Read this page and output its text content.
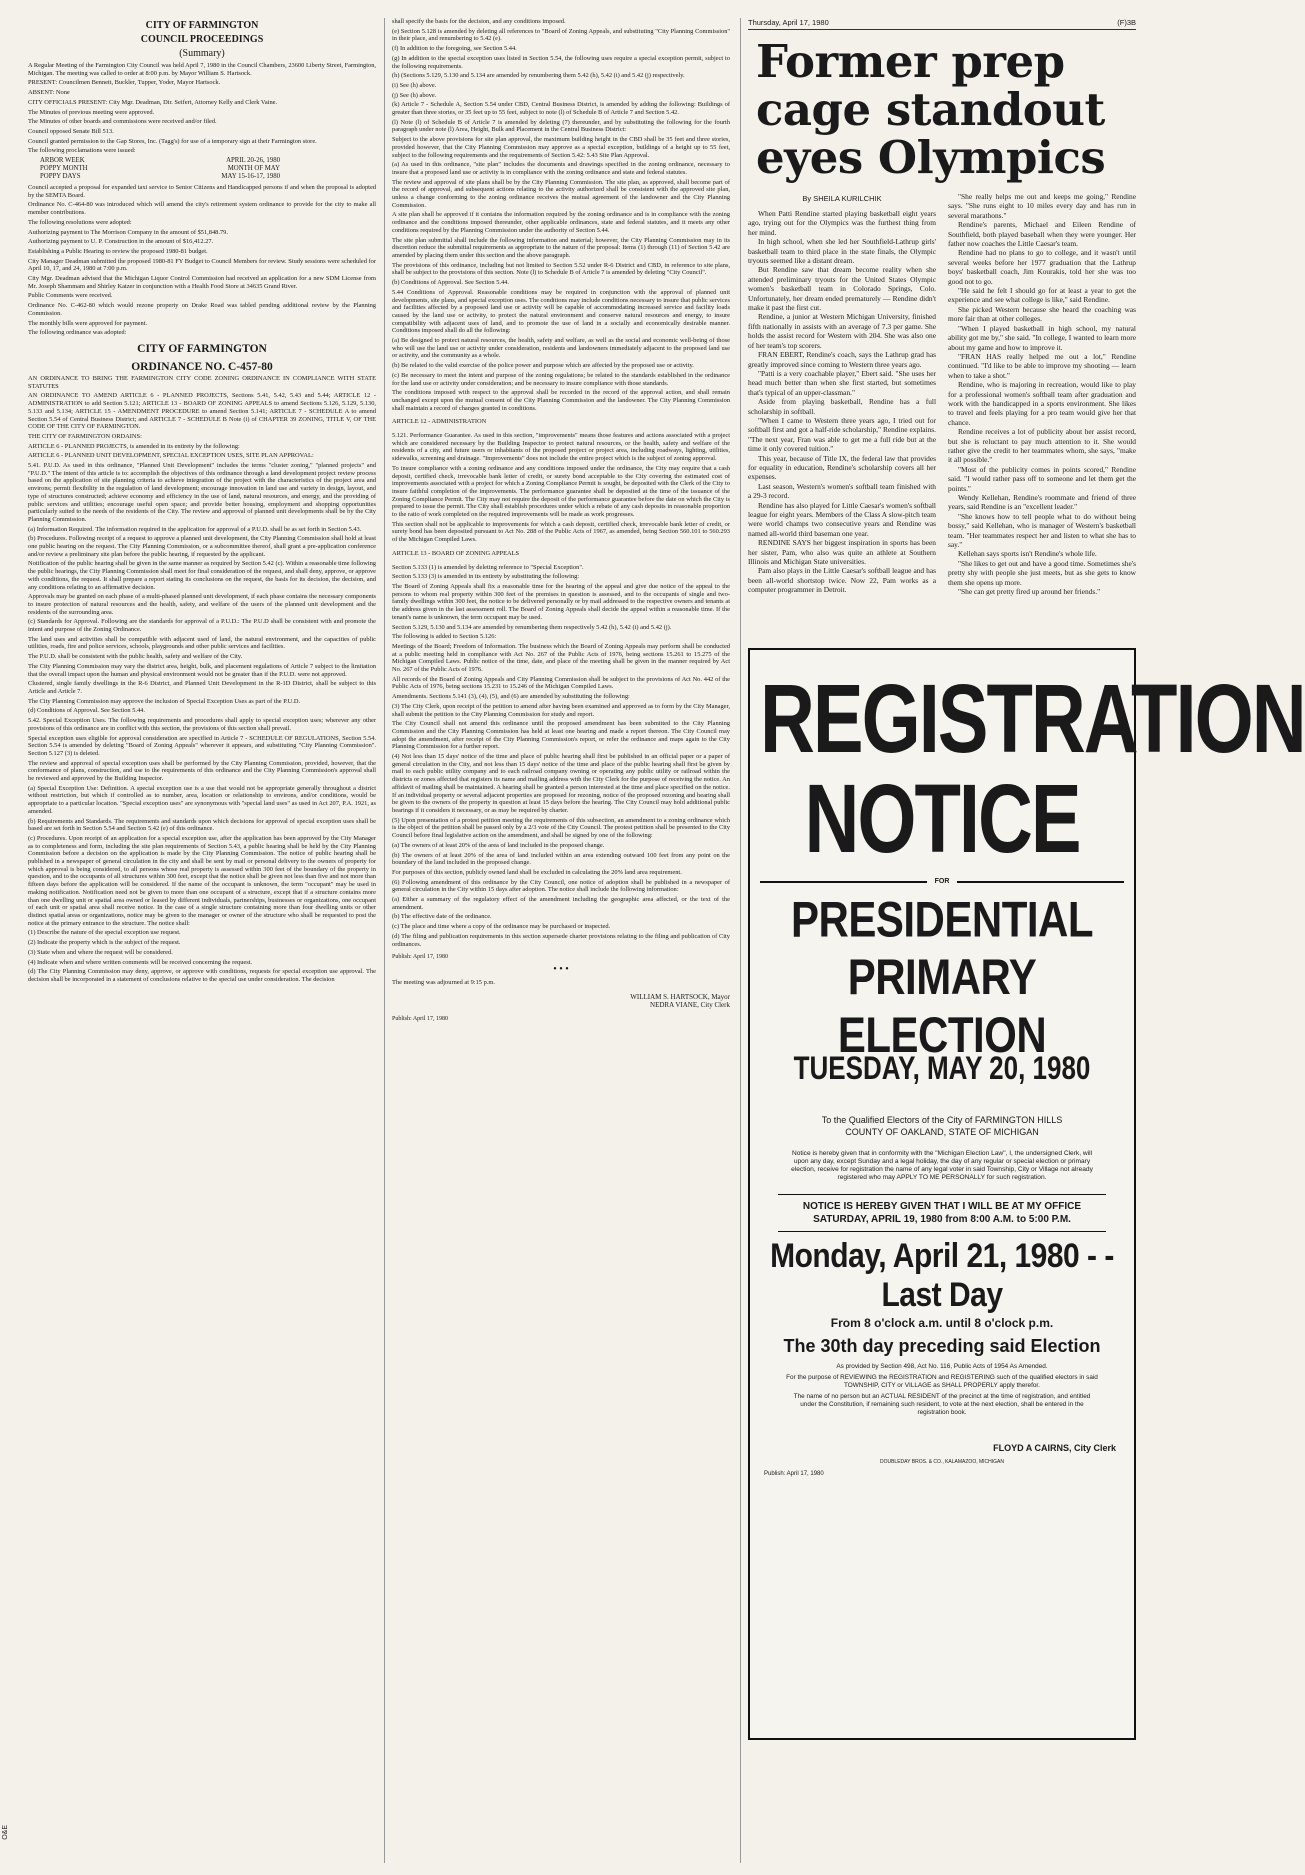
O&E
CITY OF FARMINGTON
COUNCIL PROCEEDINGS
(Summary)

A Regular Meeting of the Farmington City Council was held April 7, 1980 in the Council Chambers, 23600 Liberty Street, Farmington, Michigan. The meeting was called to order at 8:00 p.m. by Mayor William S. Hartsock.

PRESENT: Councilmen Bennett, Buckler, Tupper, Yoder, Mayor Hartsock.

ABSENT: None

CITY OFFICIALS PRESENT: City Mgr. Deadman, Dir. Seifert, Attorney Kelly and Clerk Vaine.

The Minutes of previous meeting were approved.

The Minutes of other boards and commissions were received and/or filed.

Council opposed Senate Bill 513.

Council granted permission to the Gap Stores, Inc. (Tagg's) for use of a temporary sign at their Farmington store.

The following proclamations were issued:

ARBOR WEEK	APRIL 20-26, 1980
POPPY MONTH	MONTH OF MAY
POPPY DAYS	MAY 15-16-17, 1980

Council accepted a proposal for expanded taxi service to Senior Citizens and Handicapped persons if and when the proposal is adopted by the SEMTA Board.

Ordinance No. C-464-80 was introduced which will amend the city's retirement system ordinance to provide for the city to make all member contributions.

The following resolutions were adopted:

Authorizing payment to The Morrison Company in the amount of $51,848.79.

Authorizing payment to U. P. Construction in the amount of $16,412.27.

Establishing a Public Hearing to review the proposed 1980-81 budget.

City Manager Deadman submitted the proposed 1980-81 FY Budget to Council Members for review. Study sessions were scheduled for April 10, 17, and 24, 1980 at 7:00 p.m.

City Mgr. Deadman advised that the Michigan Liquor Control Commission had received an application for a new SDM License from Mr. Joseph Shammam and Shirley Katzer in conjunction with a Health Food Store at 34635 Grand River.

Public Comments were received.

Ordinance No. C-462-80 which would rezone property on Drake Road was tabled pending additional review by the Planning Commission.

The monthly bills were approved for payment.

The following ordinance was adopted:

CITY OF FARMINGTON
ORDINANCE NO. C-457-80

AN ORDINANCE TO BRING THE FARMINGTON CITY CODE ZONING ORDINANCE IN COMPLIANCE WITH STATE STATUTES

AN ORDINANCE TO AMEND ARTICLE 6 - PLANNED PROJECTS, Sections 5.41, 5.42, 5.43 and 5.44; ARTICLE 12 - ADMINISTRATION to add Section 5.121; ARTICLE 13 - BOARD OF ZONING APPEALS to amend Sections 5.126, 5.129, 5.130, 5.133 and 5.134; ARTICLE 15 - AMENDMENT PROCEDURE to amend Section 5.141; ARTICLE 7 - SCHEDULE A to amend Section 5.54 of Central Business District; and ARTICLE 7 - SCHEDULE B Note (i) of CHAPTER 39 ZONING, TITLE V, OF THE CODE OF THE CITY OF FARMINGTON.

THE CITY OF FARMINGTON ORDAINS:

ARTICLE 6 - PLANNED PROJECTS, is amended in its entirety by the following:

ARTICLE 6 - PLANNED UNIT DEVELOPMENT, SPECIAL EXCEPTION USES, SITE PLAN APPROVAL:

5.41. P.U.D. As used in this ordinance, "Planned Unit Development" includes the terms "cluster zoning," "planned projects" and "P.U.D." The intent of this article is to: accomplish the objectives of this ordinance through a land development project review process based on the application of site planning criteria to achieve integration of the project with the characteristics of the project area and environs; permit flexibility in the regulation of land development; encourage innovation in land use and variety in design, layout, and type of structures constructed; achieve economy and efficiency in the use of land, natural resources, and energy, and the providing of public services and utilities; encourage useful open space; and provide better housing, employment and shopping opportunities particularly suited to the needs of the residents of the City. The review and approval of planned unit developments shall be by the City Planning Commission.

(a) Information Required. The information required in the application for approval of a P.U.D. shall be as set forth in Section 5.43.

(b) Procedures. Following receipt of a request to approve a planned unit development, the City Planning Commission shall hold at least one public hearing on the request. The City Planning Commission, or a subcommittee thereof, shall grant a pre-application conference and/or review a preliminary site plan before the public hearing, if requested by the applicant.

Notification of the public hearing shall be given in the same manner as required by Section 5.42 (c). Within a reasonable time following the public hearings, the City Planning Commission shall meet for final consideration of the request, and shall deny, approve, or approve with conditions, the request. It shall prepare a report stating its conclusions on the request, the basis for its decision, the decision, and any conditions relating to an affirmative decision.

Approvals may be granted on each phase of a multi-phased planned unit development, if each phase contains the necessary components to insure protection of natural resources and the health, safety, and welfare of the users of the planned unit development and the residents of the surrounding area.

(c) Standards for Approval. Following are the standards for approval of a P.U.D.: The P.U.D shall be consistent with and promote the intent and purpose of the Zoning Ordinance.

The land uses and activities shall be compatible with adjacent used of land, the natural environment, and the capacities of public utilities, roads, fire and police services, schools, playgrounds and other public services and facilities.

The P.U.D. shall be consistent with the public health, safety and welfare of the City.

The City Planning Commission may vary the district area, height, bulk, and placement regulations of Article 7 subject to the limitation that the overall impact upon the human and physical environment would not be greater than if the P.U.D. were not approved.

Clustered, single family dwellings in the R-6 District, and Planned Unit Development in the R-1D District, shall be subject to this Article and Article 7.

The City Planning Commission may approve the inclusion of Special Exception Uses as part of the P.U.D.

(d) Conditions of Approval. See Section 5.44.

5.42. Special Exception Uses. The following requirements and procedures shall apply to special exception uses; wherever any other provisions of this ordinance are in conflict with this section, the provisions of this section shall prevail.

Special exception uses eligible for approval consideration are specified in Article 7 - SCHEDULE OF REGULATIONS, Section 5.54. Section 5.54 is amended by deleting "Board of Zoning Appeals" wherever it appears, and substituting "City Planning Commission". Section 5.127 (3) is deleted.

The review and approval of special exception uses shall be performed by the City Planning Commission, provided, however, that the conformance of plans, construction, and use to the requirements of this ordinance and the City Planning Commission's approval shall be reviewed and approved by the Building Inspector.

(a) Special Exception Use: Definition. A special exception use is a use that would not be appropriate generally throughout a district without restriction, but which if controlled as to number, area, location or relationship to environs, and/or conditions, would be appropriate to a particular location. "Special exception uses" are synonymous with "special land uses" as used in Act 207, P.A. 1921, as amended.

(b) Requirements and Standards. The requirements and standards upon which decisions for approval of special exception uses shall be based are set forth in Section 5.54 and Section 5.42 (e) of this ordinance.

(c) Procedures. Upon receipt of an application for a special exception use, after the application has been approved by the City Manager as to completeness and form, including the site plan requirements of Section 5.43, a public hearing shall be held by the City Planning Commission before a decision on the application is made by the City Planning Commission. The notice of public hearing shall be published in a newspaper of general circulation in the city and shall be sent by mail or personal delivery to the owners of property for which approval is being considered, to all persons whose real property is assessed within 300 feet of the boundary of the property in question, and to the occupants of all structures within 300 feet, except that the notice shall be given not less than five and not more than fifteen days before the application will be considered. If the name of the occupant is unknown, the term "occupant" may be used in making notification. Notification need not be given to more than one occupant of a structure, except that if a structure contains more than one dwelling unit or spatial area owned or leased by different individuals, partnerships, businesses or organizations, one occupant of each unit or spatial area shall receive notice. In the case of a single structure containing more than four dwelling units or other distinct spatial areas or organizations, notice may be given to the manager or owner of the structure who shall be requested to post the notice at the primary entrance to the structure. The notice shall:

(1) Describe the nature of the special exception use request.

(2) Indicate the property which is the subject of the request.

(3) State when and where the request will be considered.

(4) Indicate when and where written comments will be received concerning the request.

(d) The City Planning Commission may deny, approve, or approve with conditions, requests for special exception use approval. The decision shall be incorporated in a statement of conclusions relative to the special use under consideration. The decision

shall specify the basis for the decision, and any conditions imposed.

(e) Section 5.128 is amended by deleting all references to "Board of Zoning Appeals, and substituting "City Planning Commission" in their place, and renumbering to 5.42 (e).

(f) In addition to the foregoing, see Section 5.44.

(g) In addition to the special exception uses listed in Section 5.54, the following uses require a special exception permit, subject to the following requirements.

(h) (Sections 5.129, 5.130 and 5.134 are amended by renumbering them 5.42 (h), 5.42 (i) and 5.42 (j) respectively.

(i) See (h) above.

(j) See (h) above.

(k) Article 7 - Schedule A, Section 5.54 under CBD, Central Business District, is amended by adding the following: Buildings of greater than three stories, or 35 feet up to 55 feet, subject to note (l) of Schedule B of Article 7 and Section 5.42.

(l) Note (l) of Schedule B of Article 7 is amended by deleting (7) thereunder, and by substituting the following for the fourth paragraph under note (l) Area, Height, Bulk and Placement in the Central Business District:

Subject to the above provisions for site plan approval, the maximum building height in the CBD shall be 35 feet and three stories, provided however, that the City Planning Commission may approve as a special exception, buildings of a height up to 55 feet, subject to the following requirements and the requirements of Section 5.42: 5.43 Site Plan Approval.

(a) As used in this ordinance, "site plan" includes the documents and drawings specified in the zoning ordinance, necessary to insure that a proposed land use or activity is in compliance with the zoning ordinance and state and federal statutes.

The review and approval of site plans shall be by the City Planning Commission. The site plan, as approved, shall become part of the record of approval, and subsequent actions relating to the activity authorized shall be consistent with the approved site plan, unless a change conforming to the zoning ordinance receives the mutual agreement of the landowner and the City Planning Commission.

A site plan shall be approved if it contains the information required by the zoning ordinance and is in compliance with the zoning ordinance and the conditions imposed thereunder, other applicable ordinances, state and federal statutes, and it meets any other conditions required by the Planning Commission under the authority of Section 5.44.

The site plan submittal shall include the following information and material; however, the City Planning Commission may in its discretion reduce the submittal requirements as appropriate to the nature of the proposal: Items (1) through (11) of Section 5.42 are amended by placing them under this section and the above paragraph.

The provisions of this ordinance, including but not limited to Section 5.52 under R-6 District and CBD, in reference to site plans, shall be subject to the provisions of this section. Note (l) to Schedule B of Article 7 is amended by deleting "City Council".

(b) Conditions of Approval. See Section 5.44.

5.44 Conditions of Approval. Reasonable conditions may be required in conjunction with the approval of planned unit developments, site plans, and special exception uses. The conditions may include conditions necessary to insure that public services and facilities affected by a proposed land use or activity will be capable of accommodating increased service and facility loads caused by the land use or activity, to protect the natural environment and conserve natural resources and energy, to insure compatibility with adjacent uses of land, and to promote the use of land in a socially and economically desirable manner. Conditions imposed shall do all the following:

(a) Be designed to protect natural resources, the health, safety and welfare, as well as the social and economic well-being of those who will use the land use or activity under consideration, residents and landowners immediately adjacent to the proposed land use or activity, and the community as a whole.

(b) Be related to the valid exercise of the police power and purpose which are affected by the proposed use or activity.

(c) Be necessary to meet the intent and purpose of the zoning regulations; be related to the standards established in the ordinance for the land use or activity under consideration; and be necessary to insure compliance with those standards.

The conditions imposed with respect to the approval shall be recorded in the record of the approval action, and shall remain unchanged except upon the mutual consent of the City Planning Commission and the landowner. The City Planning Commission shall maintain a record of changes granted in conditions.

ARTICLE 12 - ADMINISTRATION

5.121. Performance Guarantee. As used in this section, "improvements" means those features and actions associated with a project which are considered necessary by the Building Inspector to protect natural resources, or the health, safety and welfare of the residents of a city, and future users or inhabitants of the proposed project or project area, including roadways, lighting, utilities, sidewalks, screening and drainage. "Improvements" does not include the entire project which is the subject of zoning approval.

To insure compliance with a zoning ordinance and any conditions imposed under the ordinance, the City may require that a cash deposit, certified check, irrevocable bank letter of credit, or surety bond acceptable to the City covering the estimated cost of improvements associated with a project for which a Zoning Compliance Permit is sought, be deposited with the Clerk of the City to insure faithful completion of the improvements. The performance guarantee shall be deposited at the time of the issuance of the Zoning Compliance Permit. The City may not require the deposit of the performance guarantee before the date on which the City is prepared to issue the permit. The City shall establish procedures under which a rebate of any cash deposits in reasonable proportion to the ratio of work completed on the required improvements will be made as work progresses.

This section shall not be applicable to improvements for which a cash deposit, certified check, irrevocable bank letter of credit, or surety bond has been deposited pursuant to Act No. 288 of the Public Acts of 1967, as amended, being Section 560.101 to 560.293 of the Michigan Compiled Laws.

ARTICLE 13 - BOARD OF ZONING APPEALS

Section 5.133 (1) is amended by deleting reference to "Special Exception".

Section 5.133 (3) is amended in its entirety by substituting the following:

The Board of Zoning Appeals shall fix a reasonable time for the hearing of the appeal and give due notice of the appeal to the persons to whom real property within 300 feet of the premises in question is assessed, and to the occupants of single and two-family dwellings within 300 feet, the notice to be delivered personally or by mail addressed to the respective owners and tenants at the address given in the last assessment roll. The Board of Zoning Appeals shall decide the appeal within a reasonable time. If the tenant's name is unknown, the term occupant may be used.

Section 5.129, 5.130 and 5.134 are amended by renumbering them respectively 5.42 (h), 5.42 (i) and 5.42 (j).

The following is added to Section 5.126:

Meetings of the Board; Freedom of Information. The business which the Board of Zoning Appeals may perform shall be conducted at a public meeting held in compliance with Act No. 267 of the Public Acts of 1976, being sections 15.261 to 15.275 of the Michigan Compiled Laws. Public notice of the time, date, and place of the meeting shall be given in the manner required by Act No. 267 of the Public Acts of 1976.

All records of the Board of Zoning Appeals and City Planning Commission shall be subject to the provisions of Act No. 442 of the Public Acts of 1976, being sections 15.231 to 15.246 of the Michigan Compiled Laws.

Amendments. Sections 5.141 (3), (4), (5), and (6) are amended by substituting the following:

(3) The City Clerk, upon receipt of the petition to amend after having been examined and approved as to form by the City Manager, shall submit the petition to the City Planning Commission for study and report.

The City Council shall not amend this ordinance until the proposed amendment has been submitted to the City Planning Commission and the City Planning Commission has held at least one hearing and made a report thereon. The City Council may adopt the amendment, after receipt of the City Planning Commission's report, or refer the ordinance and maps again to the City Planning Commission for a further report.

(4) Not less than 15 days' notice of the time and place of public hearing shall first be published in an official paper or a paper of general circulation in the City, and not less than 15 days' notice of the time and place of the public hearing shall first be given by mail to each public utility company and to each railroad company owning or operating any public utility or railroad within the districts or zones affected that registers its name and mailing address with the City Clerk for the purpose of receiving the notice. An affidavit of mailing shall be maintained. A hearing shall be granted a person interested at the time and place specified on the notice. If an individual property or several adjacent properties are proposed for rezoning, notice of the proposed rezoning and hearing shall be given to the owners of the property in question at least 15 days before the hearing. The City Council may hold additional public hearings if it considers it necessary, or as may be required by charter.

(5) Upon presentation of a protest petition meeting the requirements of this subsection, an amendment to a zoning ordinance which is the object of the petition shall be passed only by a 2/3 vote of the City Council. The protest petition shall be presented to the City Council before final legislative action on the amendment, and shall be signed by one of the following:

(a) The owners of at least 20% of the area of land included in the proposed change.

(b) The owners of at least 20% of the area of land included within an area extending outward 100 feet from any point on the boundary of the land included in the proposed change.

For purposes of this section, publicly owned land shall be excluded in calculating the 20% land area requirement.

(6) Following amendment of this ordinance by the City Council, one notice of adoption shall be published in a newspaper of general circulation in the City within 15 days after adoption. The notice shall include the following information:

(a) Either a summary of the regulatory effect of the amendment including the geographic area affected, or the text of the amendment.

(b) The effective date of the ordinance.

(c) The place and time where a copy of the ordinance may be purchased or inspected.

(d) The filing and publication requirements in this section supersede charter provisions relating to the filing and publication of City ordinances.

Publish: April 17, 1980
• • •

The meeting was adjourned at 9:15 p.m.

WILLIAM S. HARTSOCK, Mayor
NEDRA VIANE, City Clerk
Publish: April 17, 1980
Thursday, April 17, 1980	(F)3B
Former prep cage standout eyes Olympics
By SHEILA KURILCHIK

When Patti Rendine started playing basketball eight years ago, trying out for the Olympics was the furthest thing from her mind.

In high school, when she led her Southfield-Lathrup girls' basketball team to third place in the state finals, the Olympic tryouts seemed like a distant dream.

But Rendine saw that dream become reality when she attended preliminary tryouts for the United States Olympic women's basketball team in Colorado Springs, Colo. Unfortunately, her dream ended prematurely — Rendine didn't make it past the first cut.

Rendine, a junior at Western Michigan University, finished fifth nationally in assists with an average of 7.3 per game. She holds the assist record for Western with 204. She was also one of her team's top scorers.

FRAN EBERT, Rendine's coach, says the Lathrup grad has greatly improved since coming to Western three years ago.

"Patti is a very coachable player," Ebert said. "She uses her head much better than when she first started, but sometimes that's typical of an upper-classman."

Aside from playing basketball, Rendine has a full scholarship in softball.

"When I came to Western three years ago, I tried out for softball first and got a half-ride scholarship," Rendine explains. "The next year, Fran was able to get me a full ride but at the time it only covered tuition."

This year, because of Title IX, the federal law that provides for equality in education, Rendine's scholarship covers all her expenses.

Last season, Western's women's softball team finished with a 29-3 record.

Rendine has also played for Little Caesar's women's softball league for eight years. Members of the Class A slow-pitch team were world champs two consecutive years and Rendine was named all-world third baseman one year.

RENDINE SAYS her biggest inspiration in sports has been her sister, Pam, who also was quite an athlete at Southern Illinois and Michigan State universities.

Pam also plays in the Little Caesar's softball league and has been all-world shortstop twice. Now 22, Pam works as a computer programmer in Detroit.

"She really helps me out and keeps me going," Rendine says. "She runs eight to 10 miles every day and has run in several marathons."

Rendine's parents, Michael and Eileen Rendine of Southfield, both played baseball when they were younger. Her father now coaches the Little Caesar's team.

Rendine had no plans to go to college, and it wasn't until several weeks before her 1977 graduation that the Lathrup boys' basketball coach, Jim Kourakis, told her she was too good not to go.

"He said he felt I should go for at least a year to get the experience and see what college is like," said Rendine.

She picked Western because she heard the coaching was more fair than at other colleges.

"When I played basketball in high school, my natural ability got me by," she said. "In college, I wanted to learn more about my game and how to improve it.

"FRAN HAS really helped me out a lot," Rendine continued. "I'd like to be able to improve my shooting — learn when to take a shot."

Rendine, who is majoring in recreation, would like to play for a professional women's softball team after graduation and work with the handicapped in a sports environment. She likes to travel and feels playing for a pro team would give her that chance.

Rendine receives a lot of publicity about her assist record, but she is reluctant to pay much attention to it. She would rather give the credit to her teammates whom, she says, "make it all possible."

"Most of the publicity comes in points scored," Rendine said. "I would rather pass off to someone and let them get the points."

Wendy Kellehan, Rendine's roommate and friend of three years, said Rendine is an "excellent leader."

"She knows how to tell people what to do without being bossy," said Kellehan, who is manager of Western's basketball team. "Her teammates respect her and listen to what she has to say."

Kellehan says sports isn't Rendine's whole life.

"She likes to get out and have a good time. Sometimes she's pretty shy with people she just meets, but as she gets to know them she opens up more.

"She can get pretty fired up around her friends."

REGISTRATION
NOTICE
FOR
PRESIDENTIAL
PRIMARY ELECTION
TUESDAY, MAY 20, 1980
To the Qualified Electors of the City of FARMINGTON HILLS
COUNTY OF OAKLAND, STATE OF MICHIGAN
Notice is hereby given that in conformity with the "Michigan Election Law", I, the undersigned Clerk, will upon any day, except Sunday and a legal holiday, the day of any regular or special election or primary election, receive for registration the name of any legal voter in said Township, City or Village not already registered who may APPLY TO ME PERSONALLY for such registration.
NOTICE IS HEREBY GIVEN THAT I WILL BE AT MY OFFICE
SATURDAY, APRIL 19, 1980 from 8:00 A.M. to 5:00 P.M.
Monday, April 21, 1980 - - Last Day
From 8 o'clock a.m. until 8 o'clock p.m.
The 30th day preceding said Election
As provided by Section 498, Act No. 116, Public Acts of 1954 As Amended.
For the purpose of REVIEWING the REGISTRATION and REGISTERING such of the qualified electors in said TOWNSHIP, CITY or VILLAGE as SHALL PROPERLY apply therefor.
The name of no person but an ACTUAL RESIDENT of the precinct at the time of registration, and entitled under the Constitution, if remaining such resident, to vote at the next election, shall be entered in the registration book.
FLOYD A CAIRNS, City Clerk
DOUBLEDAY BROS. & CO., KALAMAZOO, MICHIGAN
Publish: April 17, 1980
